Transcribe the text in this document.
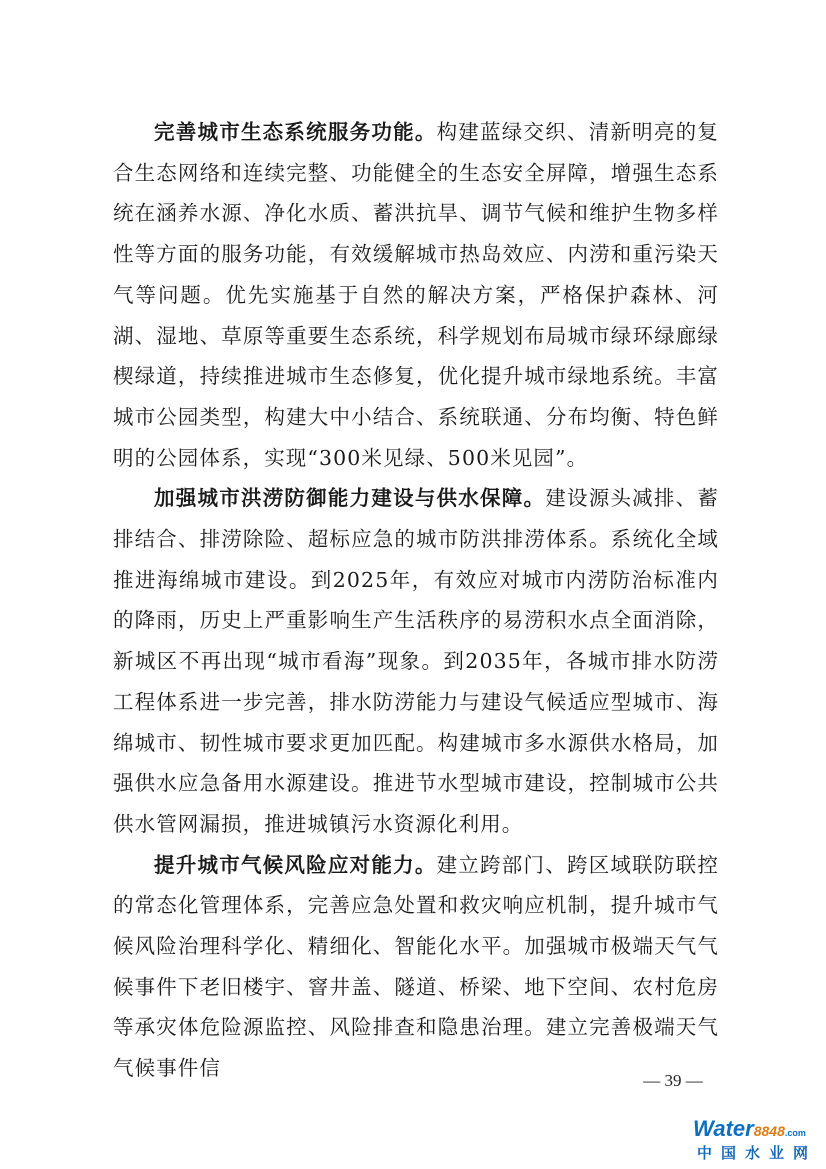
完善城市生态系统服务功能。构建蓝绿交织、清新明亮的复合生态网络和连续完整、功能健全的生态安全屏障，增强生态系统在涵养水源、净化水质、蓄洪抗旱、调节气候和维护生物多样性等方面的服务功能，有效缓解城市热岛效应、内涝和重污染天气等问题。优先实施基于自然的解决方案，严格保护森林、河湖、湿地、草原等重要生态系统，科学规划布局城市绿环绿廊绿楔绿道，持续推进城市生态修复，优化提升城市绿地系统。丰富城市公园类型，构建大中小结合、系统联通、分布均衡、特色鲜明的公园体系，实现“300米见绿、500米见园”。

加强城市洪涝防御能力建设与供水保障。建设源头减排、蓄排结合、排涝除险、超标应急的城市防洪排涝体系。系统化全域推进海绵城市建设。到2025年，有效应对城市内涝防治标准内的降雨，历史上严重影响生产生活秩序的易涝积水点全面消除，新城区不再出现“城市看海”现象。到2035年，各城市排水防涝工程体系进一步完善，排水防涝能力与建设气候适应型城市、海绵城市、韧性城市要求更加匹配。构建城市多水源供水格局，加强供水应急备用水源建设。推进节水型城市建设，控制城市公共供水管网漏损，推进城镇污水资源化利用。

提升城市气候风险应对能力。建立跨部门、跨区域联防联控的常态化管理体系，完善应急处置和救灾响应机制，提升城市气候风险治理科学化、精细化、智能化水平。加强城市极端天气气候事件下老旧楼宇、窨井盖、隧道、桥梁、地下空间、农村危房等承灾体危险源监控、风险排查和隐患治理。建立完善极端天气气候事件信

— 39 —
Water8848.com
中国水业网
